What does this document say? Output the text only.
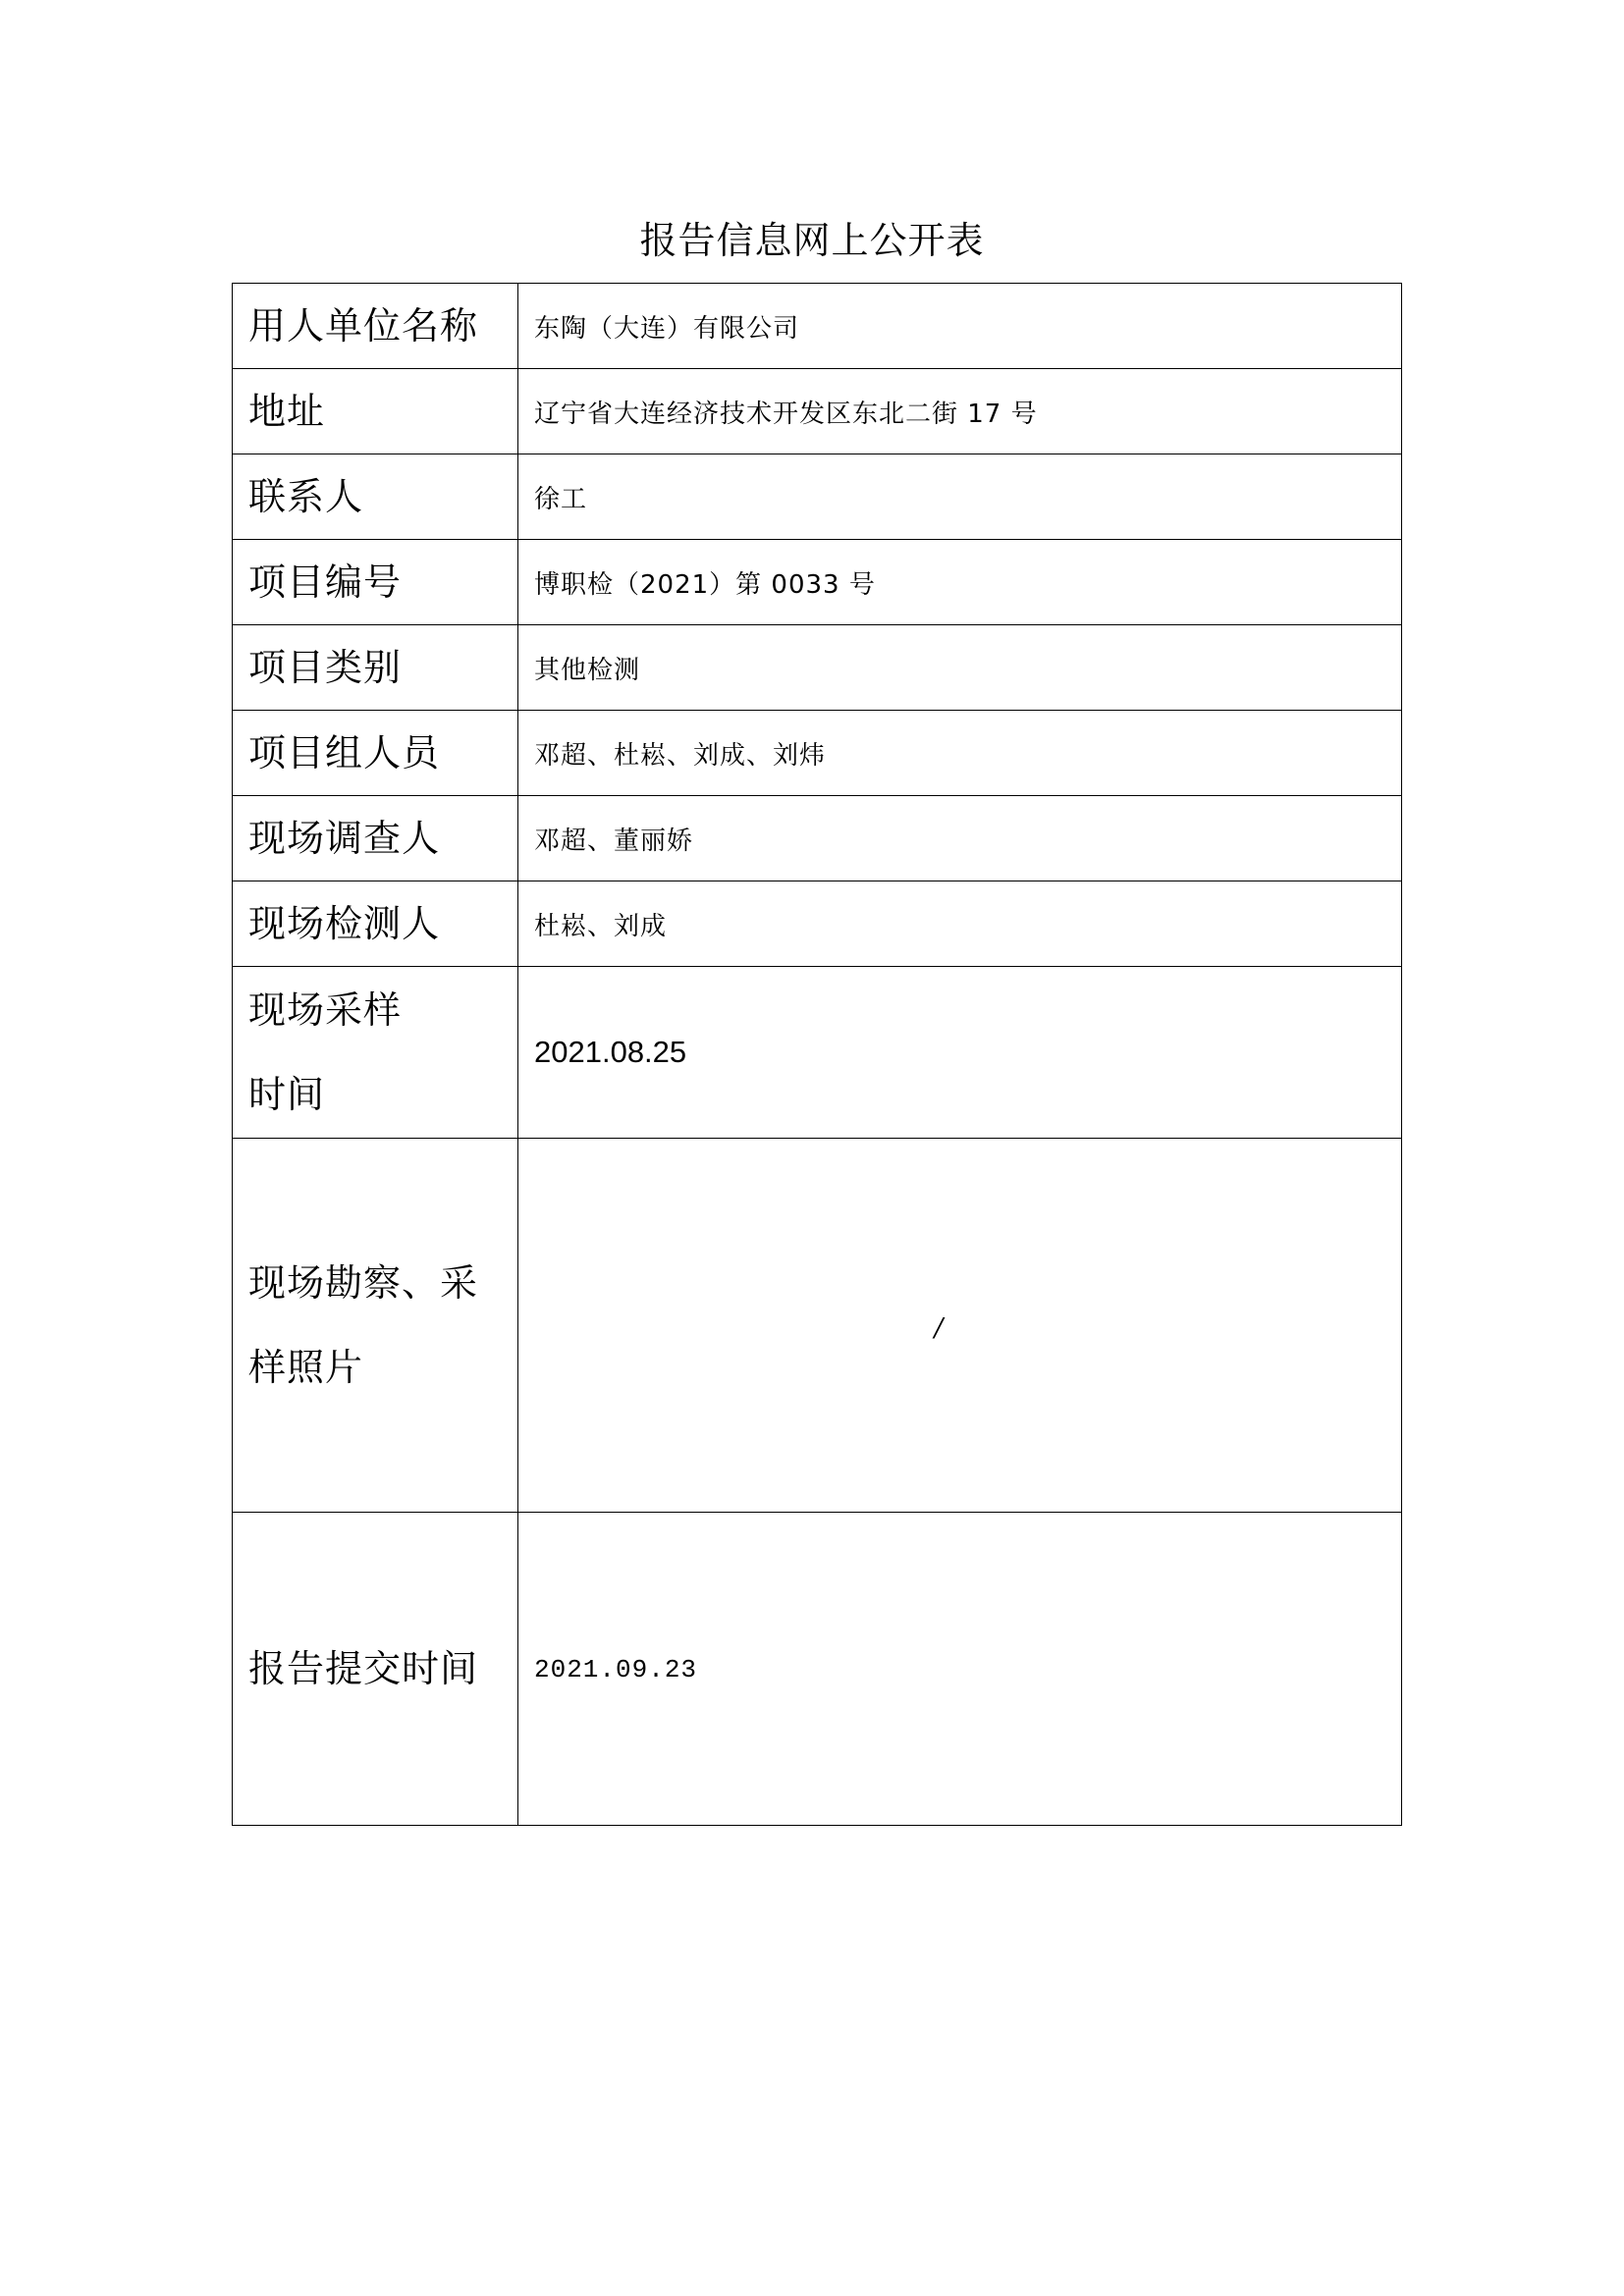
报告信息网上公开表
用人单位名称	东陶（大连）有限公司
地址	辽宁省大连经济技术开发区东北二街 17 号
联系人	徐工
项目编号	博职检（2021）第 0033 号
项目类别	其他检测
项目组人员	邓超、杜崧、刘成、刘炜
现场调查人	邓超、董丽娇
现场检测人	杜崧、刘成

现场采样
时间	2021.08.25

现场勘察、采
样照片	/

报告提交时间	2021.09.23
